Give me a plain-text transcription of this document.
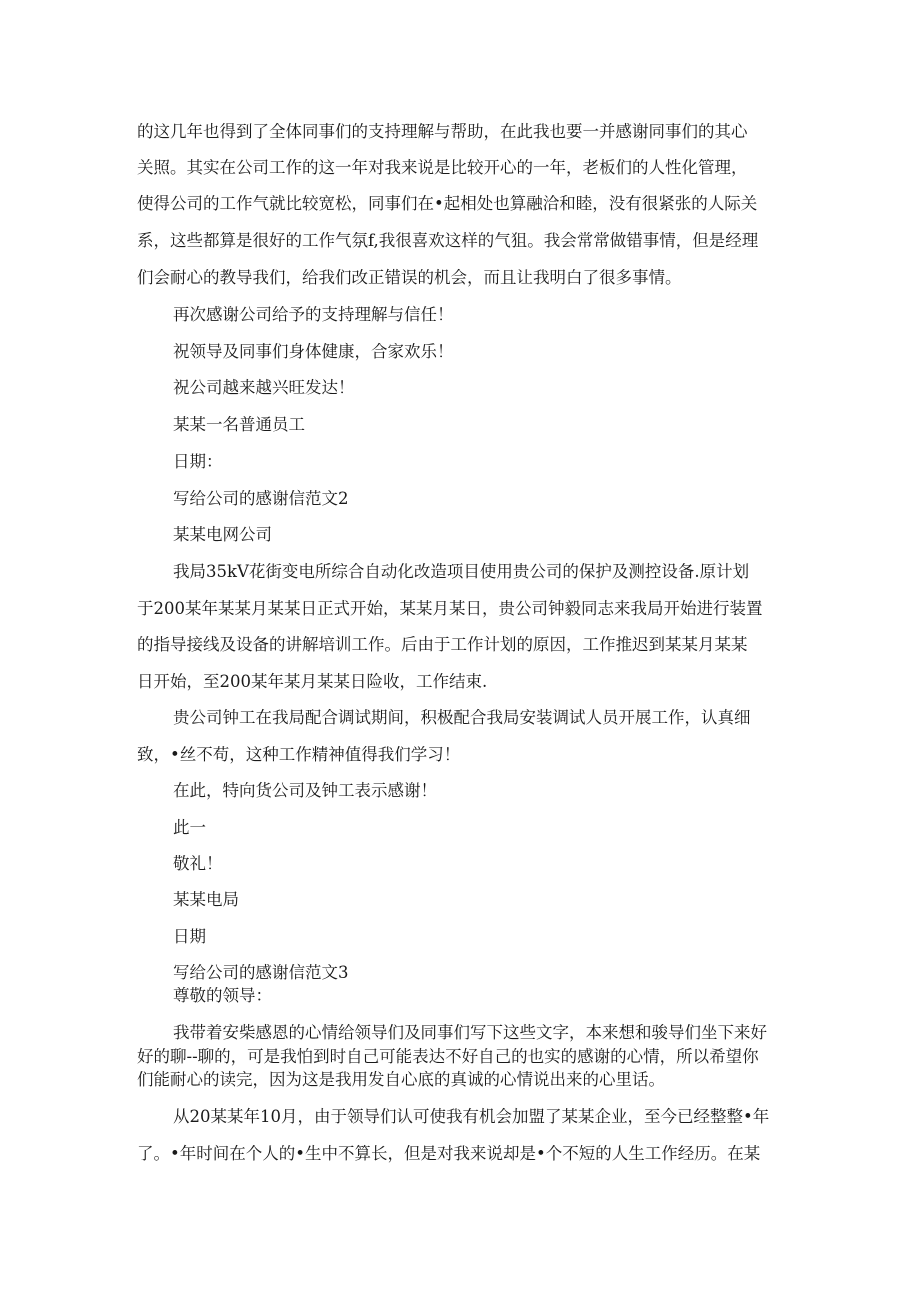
的这几年也得到了全体同事们的支持理解与帮助，在此我也要一并感谢同事们的其心

关照。其实在公司工作的这一年对我来说是比较开心的一年，老板们的人性化管理，

使得公司的工作气就比较宽松，同事们在•起相处也算融洽和睦，没有很紧张的人际关

系，这些都算是很好的工作气氛f,我很喜欢这样的气狙。我会常常做错事情，但是经理

们会耐心的教导我们，给我们改正错误的机会，而且让我明白了很多事情。

再次感谢公司给予的支持理解与信任！

祝领导及同事们身体健康，合家欢乐！

祝公司越来越兴旺发达！

某某一名普通员工

日期：

写给公司的感谢信范文2

某某电网公司

我局35kV花街变电所综合自动化改造项目使用贵公司的保护及测控设备.原计划

于200某年某某月某某日正式开始，某某月某日，贵公司钟毅同志来我局开始进行装置

的指导接线及设备的讲解培训工作。后由于工作计划的原因，工作推迟到某某月某某

日开始，至200某年某月某某日险收，工作结束.

贵公司钟工在我局配合调试期间，积极配合我局安装调试人员开展工作，认真细

致，•丝不苟，这种工作精神值得我们学习！

在此，特向货公司及钟工表示感谢！

此一

敬礼！

某某电局

日期

写给公司的感谢信范文3

尊敬的领导：

我带着安柴感恩的心情给领导们及同事们写下这些文字，本来想和骏导们坐下来好

好的聊--聊的，可是我怕到时自己可能表达不好自己的也实的感谢的心情，所以希望你

们能耐心的读完，因为这是我用发自心底的真诚的心情说出来的心里话。

从20某某年10月，由于领导们认可使我有机会加盟了某某企业，至今已经整整•年

了。•年时间在个人的•生中不算长，但是对我来说却是•个不短的人生工作经历。在某
